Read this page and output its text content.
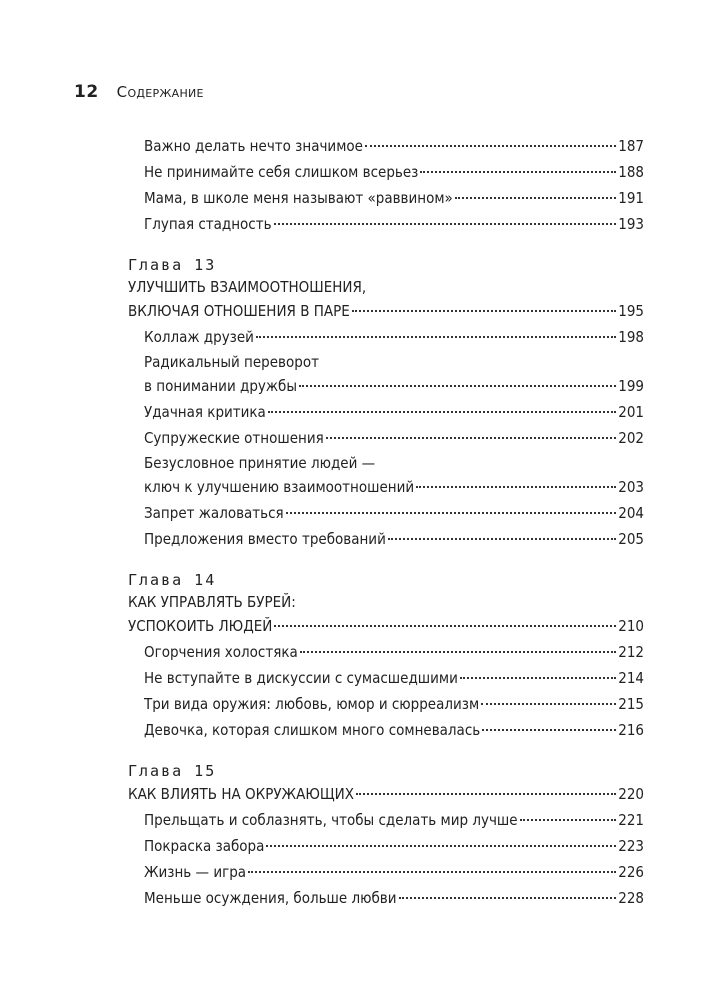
12 Содержание
Важно делать нечто значимое	187
Не принимайте себя слишком всерьез	188
Мама, в школе меня называют «раввином»	191
Глупая стадность	193
Глава 13
УЛУЧШИТЬ ВЗАИМООТНОШЕНИЯ,
ВКЛЮЧАЯ ОТНОШЕНИЯ В ПАРЕ	195
Коллаж друзей	198
Радикальный переворот
в понимании дружбы	199
Удачная критика	201
Супружеские отношения	202
Безусловное принятие людей —
ключ к улучшению взаимоотношений	203
Запрет жаловаться	204
Предложения вместо требований	205
Глава 14
КАК УПРАВЛЯТЬ БУРЕЙ:
УСПОКОИТЬ ЛЮДЕЙ	210
Огорчения холостяка	212
Не вступайте в дискуссии с сумасшедшими	214
Три вида оружия: любовь, юмор и сюрреализм	215
Девочка, которая слишком много сомневалась	216
Глава 15
КАК ВЛИЯТЬ НА ОКРУЖАЮЩИХ	220
Прельщать и соблазнять, чтобы сделать мир лучше	221
Покраска забора	223
Жизнь — игра	226
Меньше осуждения, больше любви	228
